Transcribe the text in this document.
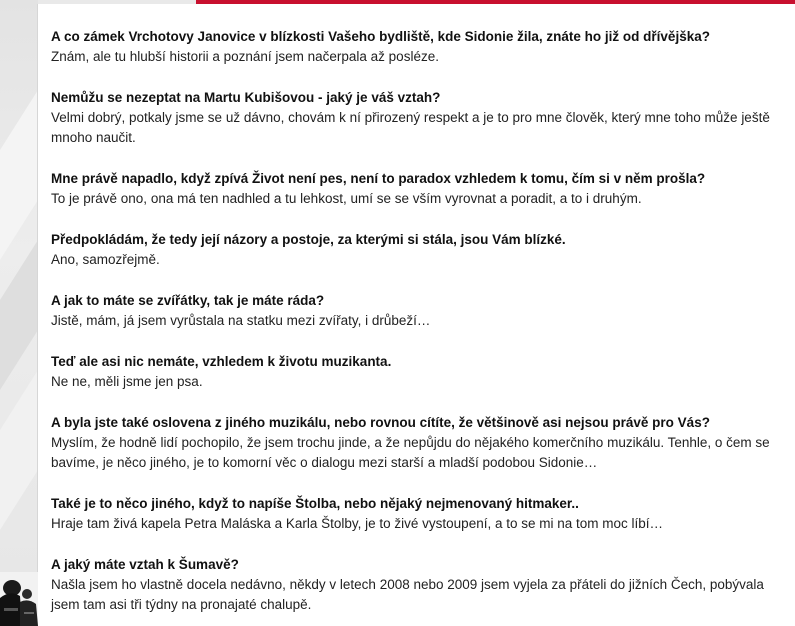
A co zámek Vrchotovy Janovice v blízkosti Vašeho bydliště, kde Sidonie žila, znáte ho již od dřívějška?
Znám, ale tu hlubší historii a poznání jsem načerpala až posléze.
Nemůžu se nezeptat na Martu Kubišovou - jaký je váš vztah?
Velmi dobrý, potkaly jsme se už dávno, chovám k ní přirozený respekt a je to pro mne člověk, který mne toho může ještě mnoho naučit.
Mne právě napadlo, když zpívá Život není pes, není to paradox vzhledem k tomu, čím si v něm prošla?
To je právě ono, ona má ten nadhled a tu lehkost, umí se se vším vyrovnat a poradit, a to i druhým.
Předpokládám, že tedy její názory a postoje, za kterými si stála, jsou Vám blízké.
Ano, samozřejmě.
A jak to máte se zvířátky, tak je máte ráda?
Jistě, mám, já jsem vyrůstala na statku mezi zvířaty, i drůbeží…
Teď ale asi nic nemáte, vzhledem k životu muzikanta.
Ne ne, měli jsme jen psa.
A byla jste také oslovena z jiného muzikálu, nebo rovnou cítíte, že většinově asi nejsou právě pro Vás?
Myslím, že hodně lidí pochopilo, že jsem trochu jinde, a že nepůjdu do nějakého komerčního muzikálu. Tenhle, o čem se bavíme, je něco jiného, je to komorní věc o dialogu mezi starší a mladší podobou Sidonie…
Také je to něco jiného, když to napíše Štolba, nebo nějaký nejmenovaný hitmaker..
Hraje tam živá kapela Petra Maláska a Karla Štolby, je to živé vystoupení, a to se mi na tom moc líbí…
A jaký máte vztah k Šumavě?
Našla jsem ho vlastně docela nedávno, někdy v letech 2008 nebo 2009 jsem vyjela za přáteli do jižních Čech, pobývala jsem tam asi tři týdny na pronajaté chalupě.
